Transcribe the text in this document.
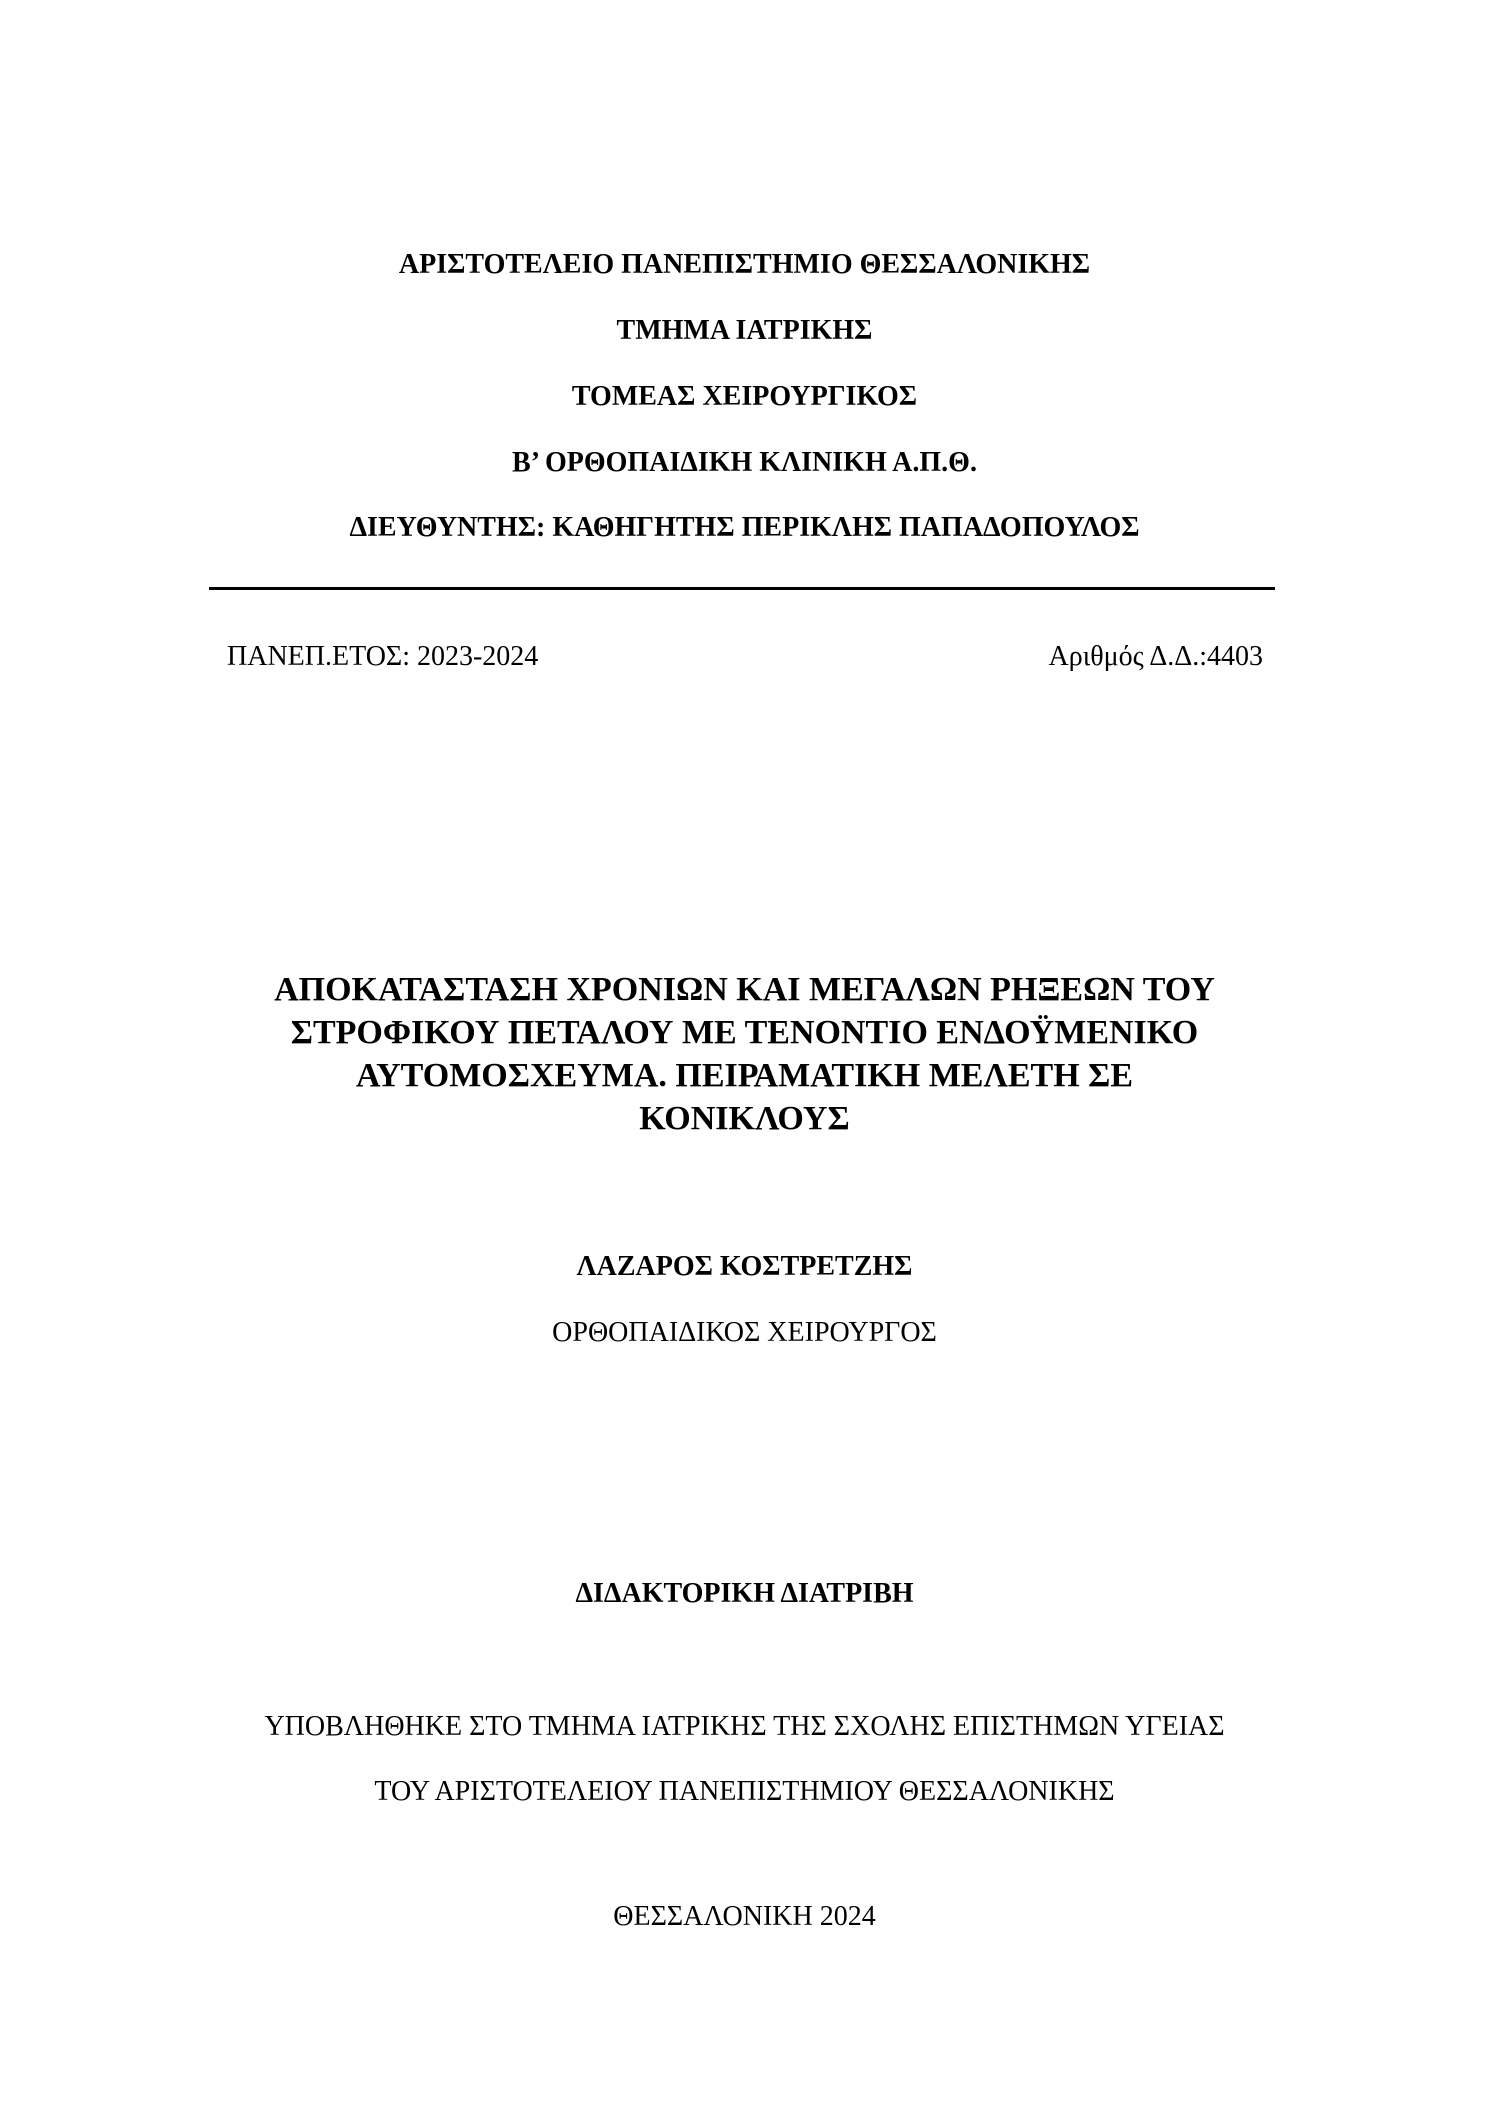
ΑΡΙΣΤΟΤΕΛΕΙΟ ΠΑΝΕΠΙΣΤΗΜΙΟ ΘΕΣΣΑΛΟΝΙΚΗΣ
ΤΜΗΜΑ ΙΑΤΡΙΚΗΣ
ΤΟΜΕΑΣ ΧΕΙΡΟΥΡΓΙΚΟΣ
Β’ ΟΡΘΟΠΑΙΔΙΚΗ ΚΛΙΝΙΚΗ Α.Π.Θ.
ΔΙΕΥΘΥΝΤΗΣ: ΚΑΘΗΓΗΤΗΣ ΠΕΡΙΚΛΗΣ ΠΑΠΑΔΟΠΟΥΛΟΣ
ΠΑΝΕΠ.ΕΤΟΣ: 2023-2024	Αριθμός Δ.Δ.:4403
ΑΠΟΚΑΤΑΣΤΑΣΗ ΧΡΟΝΙΩΝ ΚΑΙ ΜΕΓΑΛΩΝ ΡΗΞΕΩΝ ΤΟΥ
ΣΤΡΟΦΙΚΟΥ ΠΕΤΑΛΟΥ ΜΕ ΤΕΝΟΝΤΙΟ ΕΝΔΟΫΜΕΝΙΚΟ
ΑΥΤΟΜΟΣΧΕΥΜΑ. ΠΕΙΡΑΜΑΤΙΚΗ ΜΕΛΕΤΗ ΣΕ
ΚΟΝΙΚΛΟΥΣ
ΛΑΖΑΡΟΣ ΚΟΣΤΡΕΤΖΗΣ
ΟΡΘΟΠΑΙΔΙΚΟΣ ΧΕΙΡΟΥΡΓΟΣ
ΔΙΔΑΚΤΟΡΙΚΗ ΔΙΑΤΡΙΒΗ
ΥΠΟΒΛΗΘΗΚΕ ΣΤΟ ΤΜΗΜΑ ΙΑΤΡΙΚΗΣ ΤΗΣ ΣΧΟΛΗΣ ΕΠΙΣΤΗΜΩΝ ΥΓΕΙΑΣ
ΤΟΥ ΑΡΙΣΤΟΤΕΛΕΙΟΥ ΠΑΝΕΠΙΣΤΗΜΙΟΥ ΘΕΣΣΑΛΟΝΙΚΗΣ
ΘΕΣΣΑΛΟΝΙΚΗ 2024
